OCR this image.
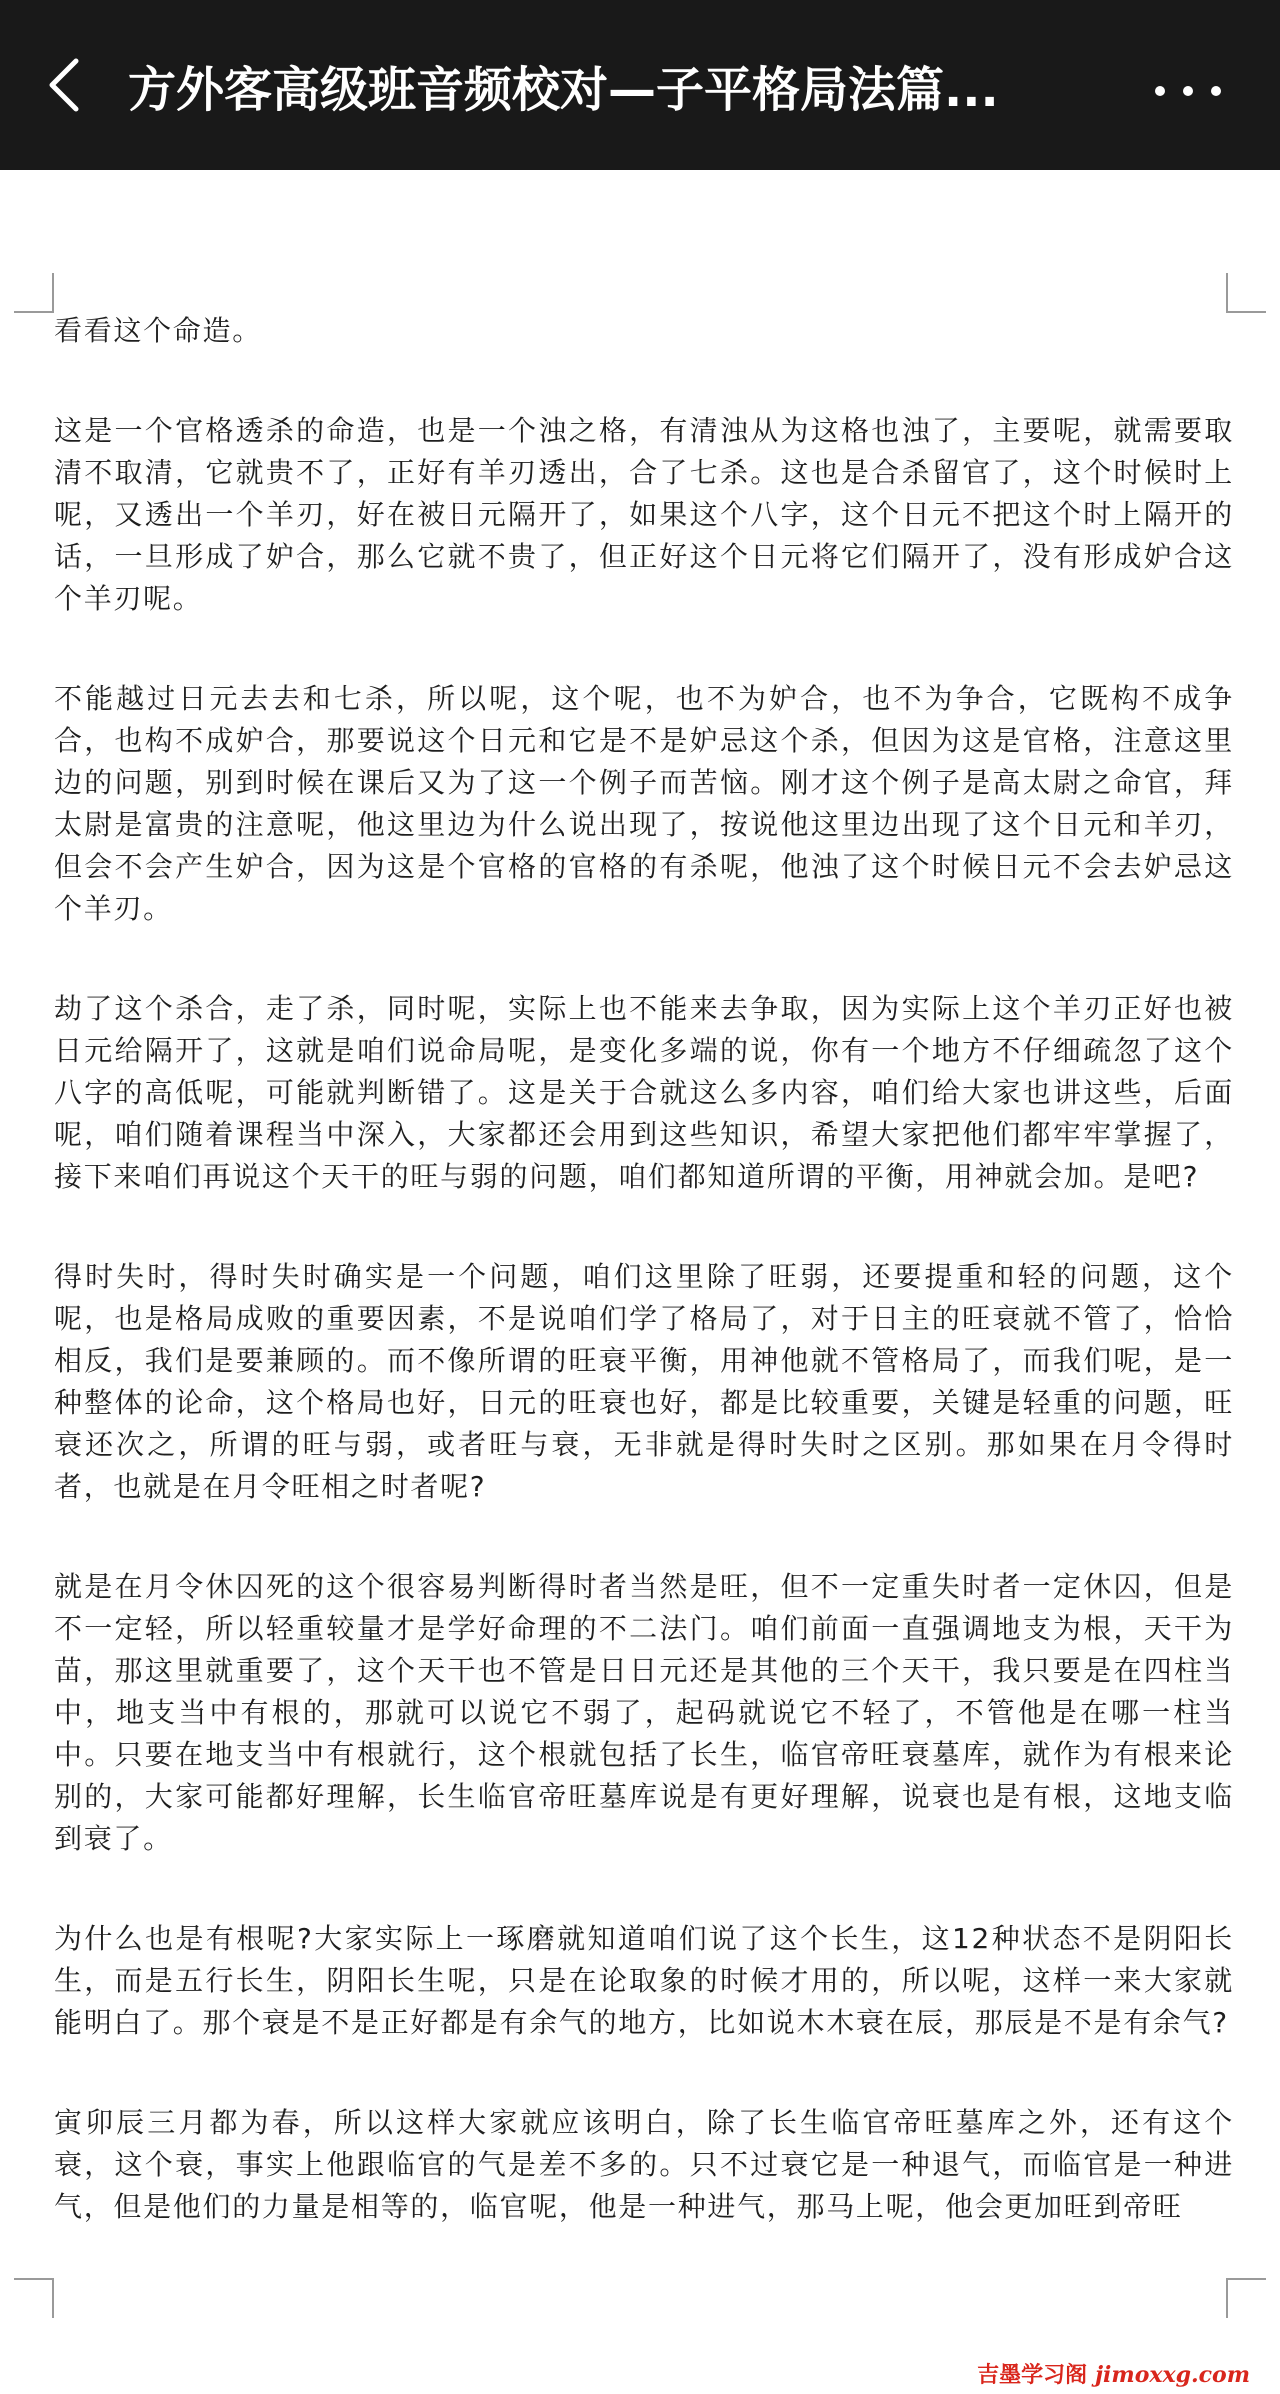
方外客高级班音频校对—子平格局法篇...

看看这个命造。

这是一个官格透杀的命造，也是一个浊之格，有清浊从为这格也浊了，主要呢，就需要取清不取清，它就贵不了，正好有羊刃透出，合了七杀。这也是合杀留官了，这个时候时上呢，又透出一个羊刃，好在被日元隔开了，如果这个八字，这个日元不把这个时上隔开的话，一旦形成了妒合，那么它就不贵了，但正好这个日元将它们隔开了，没有形成妒合这个羊刃呢。

不能越过日元去去和七杀，所以呢，这个呢，也不为妒合，也不为争合，它既构不成争合，也构不成妒合，那要说这个日元和它是不是妒忌这个杀，但因为这是官格，注意这里边的问题，别到时候在课后又为了这一个例子而苦恼。刚才这个例子是高太尉之命官，拜太尉是富贵的注意呢，他这里边为什么说出现了，按说他这里边出现了这个日元和羊刃，但会不会产生妒合，因为这是个官格的官格的有杀呢，他浊了这个时候日元不会去妒忌这个羊刃。

劫了这个杀合，走了杀，同时呢，实际上也不能来去争取，因为实际上这个羊刃正好也被日元给隔开了，这就是咱们说命局呢，是变化多端的说，你有一个地方不仔细疏忽了这个八字的高低呢，可能就判断错了。这是关于合就这么多内容，咱们给大家也讲这些，后面呢，咱们随着课程当中深入，大家都还会用到这些知识，希望大家把他们都牢牢掌握了，接下来咱们再说这个天干的旺与弱的问题，咱们都知道所谓的平衡，用神就会加。是吧?

得时失时，得时失时确实是一个问题，咱们这里除了旺弱，还要提重和轻的问题，这个呢，也是格局成败的重要因素，不是说咱们学了格局了，对于日主的旺衰就不管了，恰恰相反，我们是要兼顾的。而不像所谓的旺衰平衡，用神他就不管格局了，而我们呢，是一种整体的论命，这个格局也好，日元的旺衰也好，都是比较重要，关键是轻重的问题，旺衰还次之，所谓的旺与弱，或者旺与衰，无非就是得时失时之区别。那如果在月令得时者，也就是在月令旺相之时者呢?

就是在月令休囚死的这个很容易判断得时者当然是旺，但不一定重失时者一定休囚，但是不一定轻，所以轻重较量才是学好命理的不二法门。咱们前面一直强调地支为根，天干为苗，那这里就重要了，这个天干也不管是日日元还是其他的三个天干，我只要是在四柱当中，地支当中有根的，那就可以说它不弱了，起码就说它不轻了，不管他是在哪一柱当中。只要在地支当中有根就行，这个根就包括了长生，临官帝旺衰墓库，就作为有根来论别的，大家可能都好理解，长生临官帝旺墓库说是有更好理解，说衰也是有根，这地支临到衰了。

为什么也是有根呢?大家实际上一琢磨就知道咱们说了这个长生，这12种状态不是阴阳长生，而是五行长生，阴阳长生呢，只是在论取象的时候才用的，所以呢，这样一来大家就能明白了。那个衰是不是正好都是有余气的地方，比如说木木衰在辰，那辰是不是有余气?

寅卯辰三月都为春，所以这样大家就应该明白，除了长生临官帝旺墓库之外，还有这个衰，这个衰，事实上他跟临官的气是差不多的。只不过衰它是一种退气，而临官是一种进气，但是他们的力量是相等的，临官呢，他是一种进气，那马上呢，他会更加旺到帝旺

吉墨学习阁 jimoxxg.com
